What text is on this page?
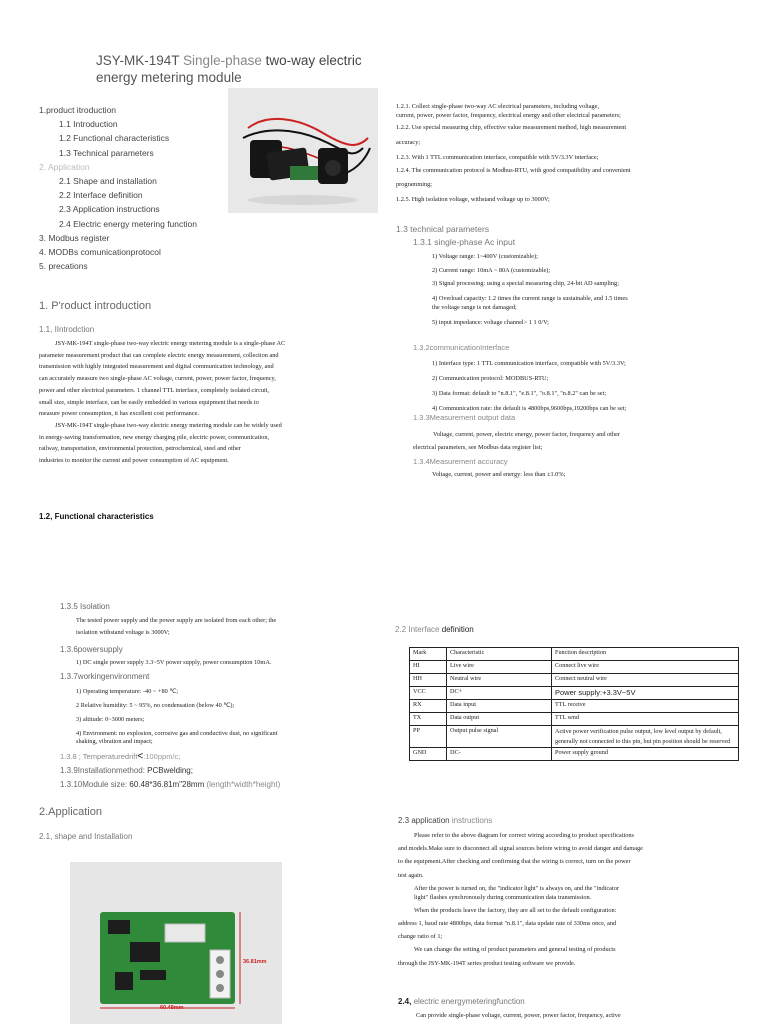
JSY-MK-194T Single-phase two-way electric
energy metering module
1.product itroduction
1.1 Introduction
1.2 Functional characteristics
1.3 Technical parameters
2. Application
2.1 Shape and installation
2.2 Interface definition
2.3 Application instructions
2.4 Electric energy metering function
3. Modbus register
4. MODBs comunicationprotocol
5. precations
1. P'roduct introduction
1.1, IIntrodction
JSY-MK-194T single-phase two-way electric energy metering module is a single-phase AC
parameter measurement product that can complete electric energy measurement, collection and
transmission with highly integrated measurement and digital communication technology, and
can accurately measure two single-phase AC voltage, current, power, power factor, frequency,
power and other electrical parameters. 1 channel TTL interface, completely isolated circuit,
small size, simple interface, can be easily embedded in various equipment that needs to
measure power consumption, it has excellent cost performance.
JSY-MK-194T single-phase two-way electric energy metering module can be widely used
in energy-saving transformation, new energy charging pile, electric power, communication,
railway, transportation, environmental protection, petrochemical, steel and other
industries to monitor the current and power consumption of AC equipment.
1.2, Functional characteristics
1.2.1. Collect single-phase two-way AC electrical parameters, including voltage,
current, power, power factor, frequency, electrical energy and other electrical parameters;
1.2.2. Use special measuring chip, effective value measurement method, high measurement
accuracy;
1.2.3. With 1 TTL communication interface, compatible with 5V/3.3V interface;
1.2.4. The communication protocol is Modbus-RTU, with good compatibility and convenient
programming;
1.2.5. High isolation voltage, withstand voltage up to 3000V;
1.3 technical parameters
1.3.1 single-phase Ac input
1) Voltage range: 1~400V (customizable);
2) Current range: 10mA ~ 80A (customizable);
3) Signal processing: using a special measuring chip, 24-bit AD sampling;
4) Overload capacity: 1.2 times the current range is sustainable, and 1.5 times
the voltage range is not damaged;
5) input impedance: voltage channel> 1 1 0/V;
1.3.2communicationInterface
1) Interface type: 1 TTL communication interface, compatible with 5V/3.3V;
2) Communication protocol: MODBUS-RTU;
3) Data format: default to "n.8.1", "e.8.1", "o.8.1", "n.8.2" can be set;
4) Communication rate: the default is 4800bps,9600bps,19200bps can be set;
1.3.3Measurement output data
Voltage, current, power, electric energy, power factor, frequency and other
electrical parameters, see Modbus data register list;
1.3.4Measurement accuracy
Voltage, current, power and energy: less than ±1.0%;
1.3.5 Isolation
The tested power supply and the power supply are isolated from each other; the
isolation withstand voltage is 3000V;
1.3.6powersupply
1) DC single power supply 3.3~5V power supply, power consumption 10mA.
1.3.7workingenvironment
1) Operating temperature: -40 ~ +80 ℃;
2 Relative humidity: 5 ~ 95%, no condensation (below 40 ℃);
3) altitude: 0~3000 meters;
4) Environment: no explosion, corrosive gas and conductive dust, no significant
shaking, vibration and impact;
1.3.8 ; Temperaturedrift<:100ppm/c;
1.3.9Installationmethod: PCBwelding;
1.3.10Module size: 60.48*36.81m"28mm (length*width*height)
2.Application
2.1, shape and Installation
60.48mm
36.81mm
2.2 Interface definition
Mark	Characteristic	Function description
HI	Live wire	Connect live wire
HH	Neutral wire	Connect neutral wire
VCC	DC+	Power supply:+3.3V~5V
RX	Data input	TTL receive
TX	Data output	TTL send
PP	Output pulse signal	Active power verification pulse output, low level output by default, generally not connected to this pin, but pin position should be reserved
GND	DC-	Power supply ground
2.3 application instructions
Please refer to the above diagram for correct wiring according to product specifications
and models.Make sure to disconnect all signal sources before wiring to avoid danger and damage
to the equipment.After checking and confirming that the wiring is correct, turn on the power
test again.
After the power is turned on, the "indicator light" is always on, and the "indicator
light" flashes synchronously during communication data transmission.
When the products leave the factory, they are all set to the default configuration:
address 1, baud rate 4800bps, data format "n.8.1", data update rate of 330ms once, and
change ratio of 1;
We can change the setting of product parameters and general testing of products
through the JSY-MK-194T series product testing software we provide.
2.4, electric energymeteringfunction
Can provide single-phase voltage, current, power, power factor, frequency, active
